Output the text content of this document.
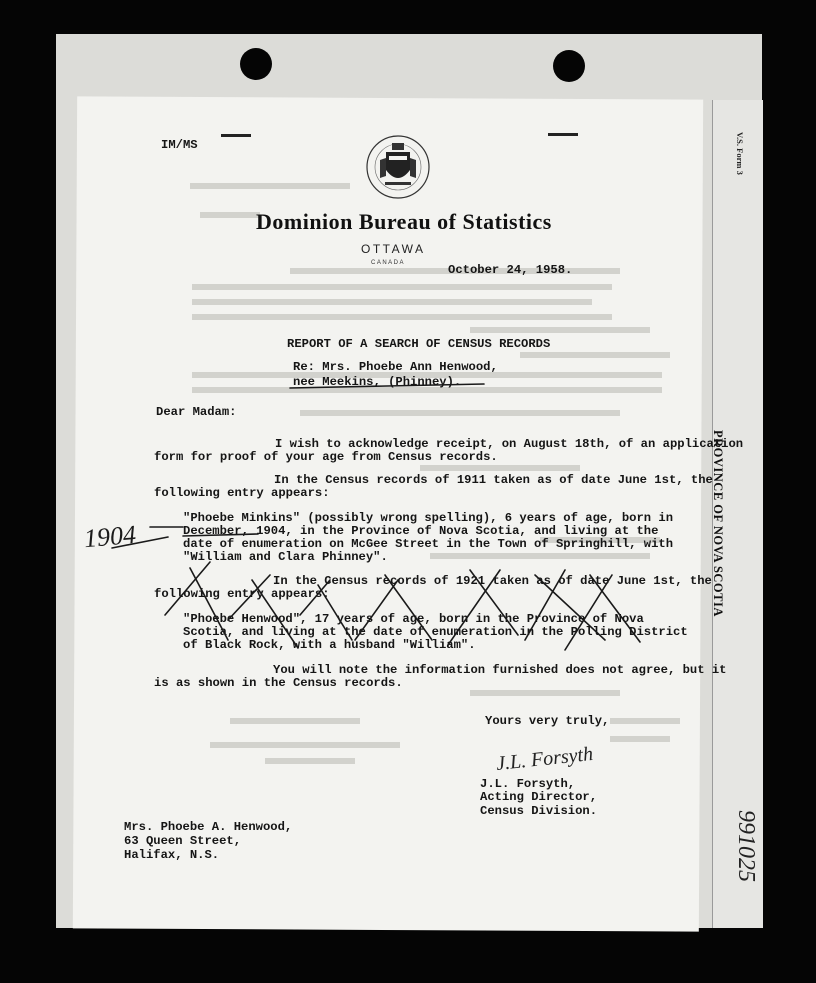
V.S. Form 3
PROVINCE OF NOVA SCOTIA
991025
IM/MS
Dominion Bureau of Statistics
OTTAWA
CANADA	October 24, 1958.
REPORT OF A SEARCH OF CENSUS RECORDS
Re: Mrs. Phoebe Ann Henwood,
nee Meekins, (Phinney).
Dear Madam:
I wish to acknowledge receipt, on August 18th, of an application
form for proof of your age from Census records.
In the Census records of 1911 taken as of date June 1st, the
following entry appears:
"Phoebe Minkins" (possibly wrong spelling), 6 years of age, born in
December, 1904, in the Province of Nova Scotia, and living at the
date of enumeration on McGee Street in the Town of Springhill, with
"William and Clara Phinney".
In the Census records of 1921 taken as of date June 1st, the
following entry appears:
"Phoebe Henwood", 17 years of age, born in the Province of Nova
Scotia, and living at the date of enumeration in the Polling District
of Black Rock, with a husband "William".
You will note the information furnished does not agree, but it
is as shown in the Census records.
1904
Yours very truly,
J.L. Forsyth
J.L. Forsyth,
Acting Director,
Census Division.
Mrs. Phoebe A. Henwood,
63 Queen Street,
Halifax, N.S.
